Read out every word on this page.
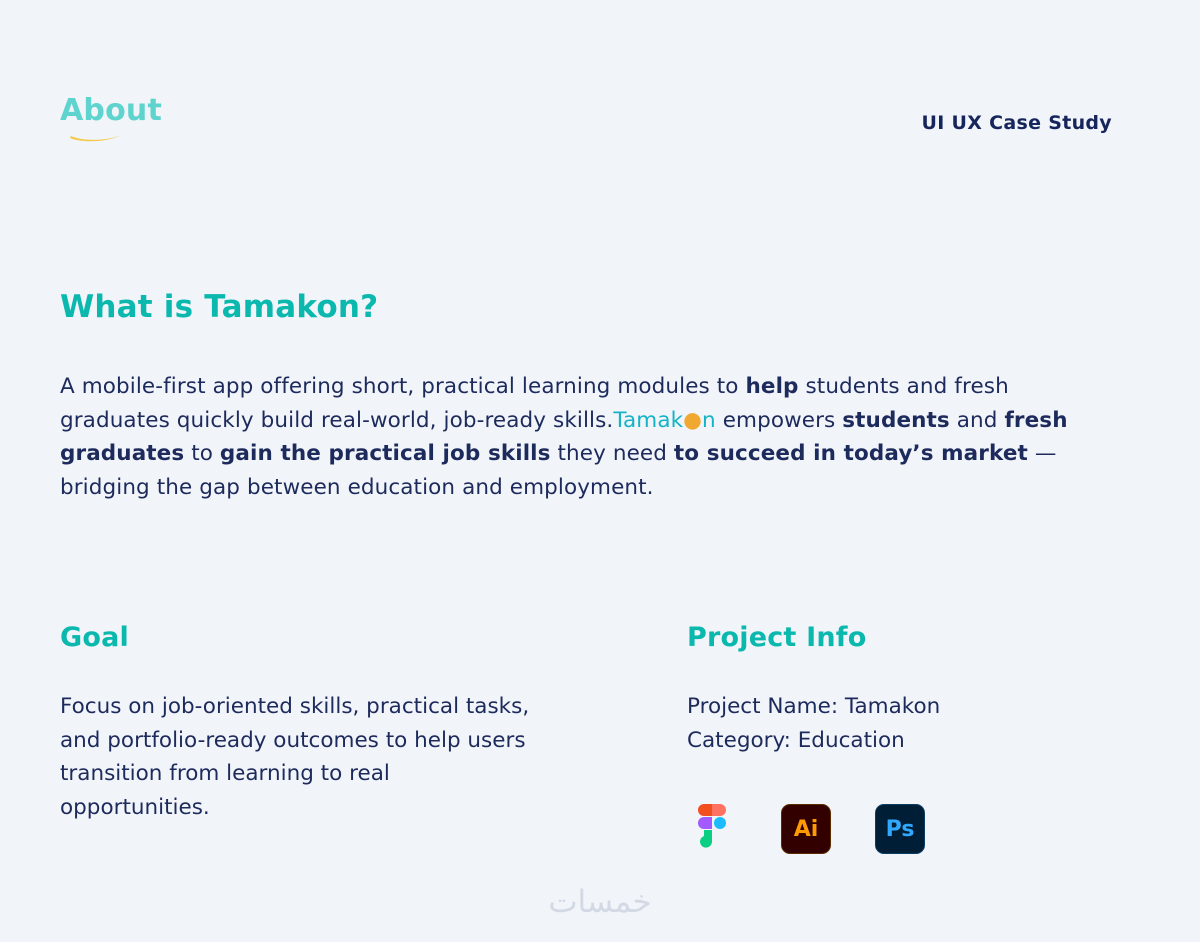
About	UI UX Case Study
What is Tamakon?
A mobile-first app offering short, practical learning modules to help students and fresh graduates quickly build real-world, job-ready skills.Tamak●n empowers students and fresh graduates to gain the practical job skills they need to succeed in today’s market — bridging the gap between education and employment.
Goal
Focus on job-oriented skills, practical tasks, and portfolio-ready outcomes to help users transition from learning to real opportunities.
Project Info
Project Name: Tamakon
Category: Education
Ai	Ps
خمسات
